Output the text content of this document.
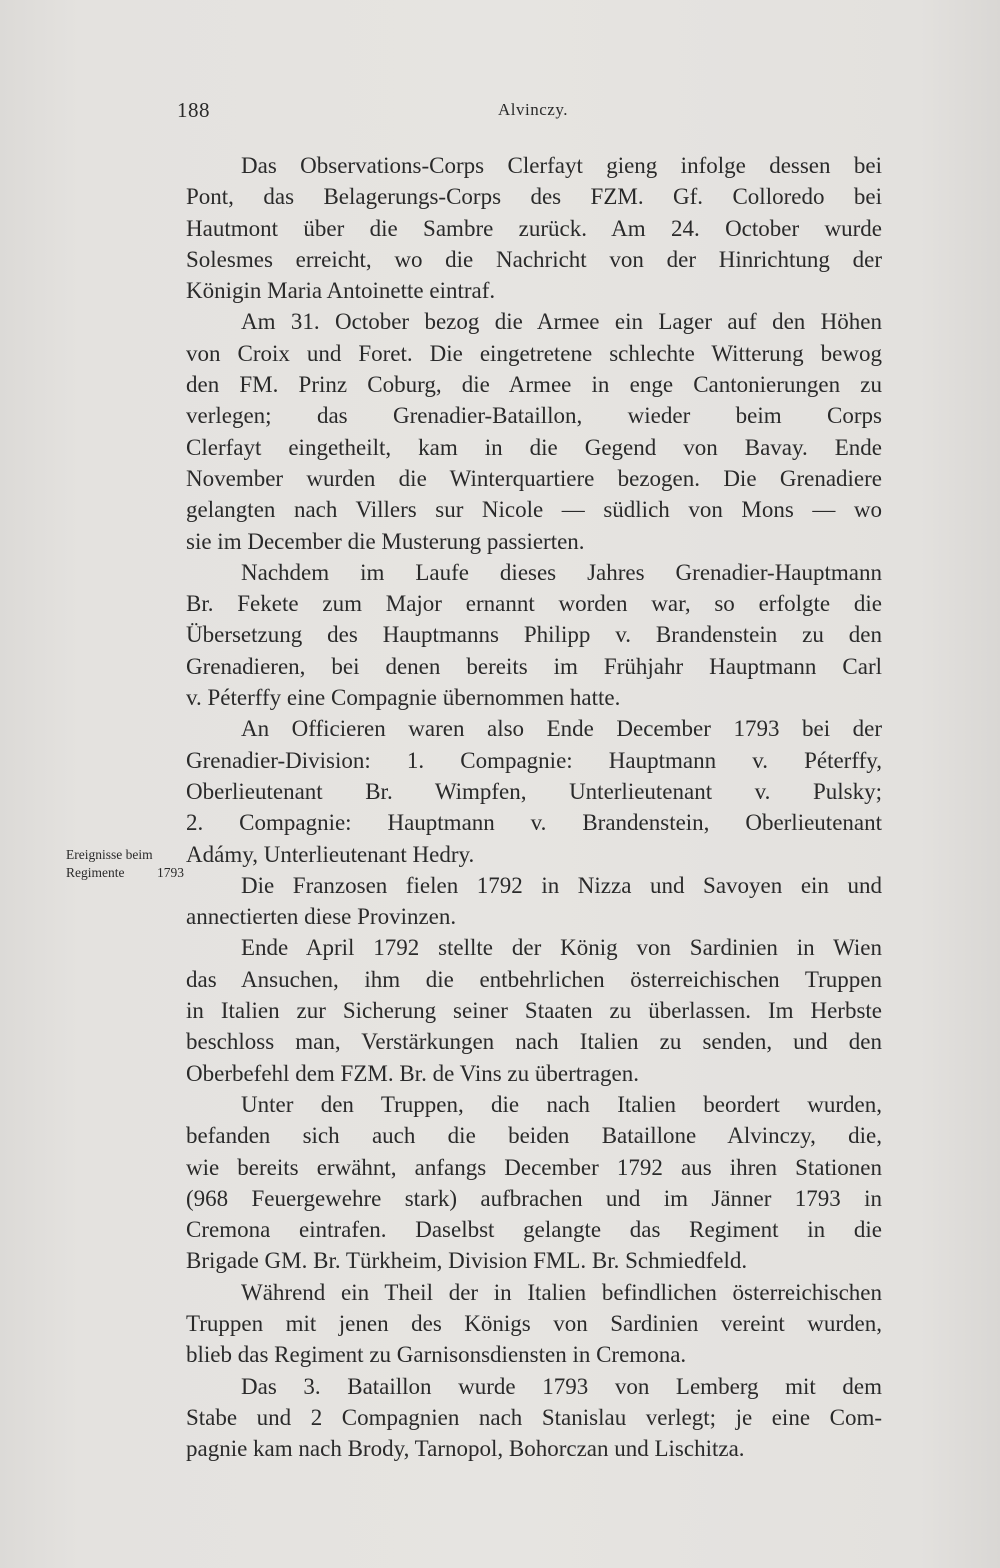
188	Alvinczy.
Ereignisse beim
Regimente 1793
Das Observations-Corps Clerfayt gieng infolge dessen bei
Pont, das Belagerungs-Corps des FZM. Gf. Colloredo bei
Hautmont über die Sambre zurück. Am 24. October wurde
Solesmes erreicht, wo die Nachricht von der Hinrichtung der
Königin Maria Antoinette eintraf.
Am 31. October bezog die Armee ein Lager auf den Höhen
von Croix und Foret. Die eingetretene schlechte Witterung bewog
den FM. Prinz Coburg, die Armee in enge Cantonierungen zu
verlegen; das Grenadier-Bataillon, wieder beim Corps
Clerfayt eingetheilt, kam in die Gegend von Bavay. Ende
November wurden die Winterquartiere bezogen. Die Grenadiere
gelangten nach Villers sur Nicole — südlich von Mons — wo
sie im December die Musterung passierten.
Nachdem im Laufe dieses Jahres Grenadier-Hauptmann
Br. Fekete zum Major ernannt worden war, so erfolgte die
Übersetzung des Hauptmanns Philipp v. Brandenstein zu den
Grenadieren, bei denen bereits im Frühjahr Hauptmann Carl
v. Péterffy eine Compagnie übernommen hatte.
An Officieren waren also Ende December 1793 bei der
Grenadier-Division: 1. Compagnie: Hauptmann v. Péterffy,
Oberlieutenant Br. Wimpfen, Unterlieutenant v. Pulsky;
2. Compagnie: Hauptmann v. Brandenstein, Oberlieutenant
Adámy, Unterlieutenant Hedry.
Die Franzosen fielen 1792 in Nizza und Savoyen ein und
annectierten diese Provinzen.
Ende April 1792 stellte der König von Sardinien in Wien
das Ansuchen, ihm die entbehrlichen österreichischen Truppen
in Italien zur Sicherung seiner Staaten zu überlassen. Im Herbste
beschloss man, Verstärkungen nach Italien zu senden, und den
Oberbefehl dem FZM. Br. de Vins zu übertragen.
Unter den Truppen, die nach Italien beordert wurden,
befanden sich auch die beiden Bataillone Alvinczy, die,
wie bereits erwähnt, anfangs December 1792 aus ihren Stationen
(968 Feuergewehre stark) aufbrachen und im Jänner 1793 in
Cremona eintrafen. Daselbst gelangte das Regiment in die
Brigade GM. Br. Türkheim, Division FML. Br. Schmiedfeld.
Während ein Theil der in Italien befindlichen österreichischen
Truppen mit jenen des Königs von Sardinien vereint wurden,
blieb das Regiment zu Garnisonsdiensten in Cremona.
Das 3. Bataillon wurde 1793 von Lemberg mit dem
Stabe und 2 Compagnien nach Stanislau verlegt; je eine Com-
pagnie kam nach Brody, Tarnopol, Bohorczan und Lischitza.
